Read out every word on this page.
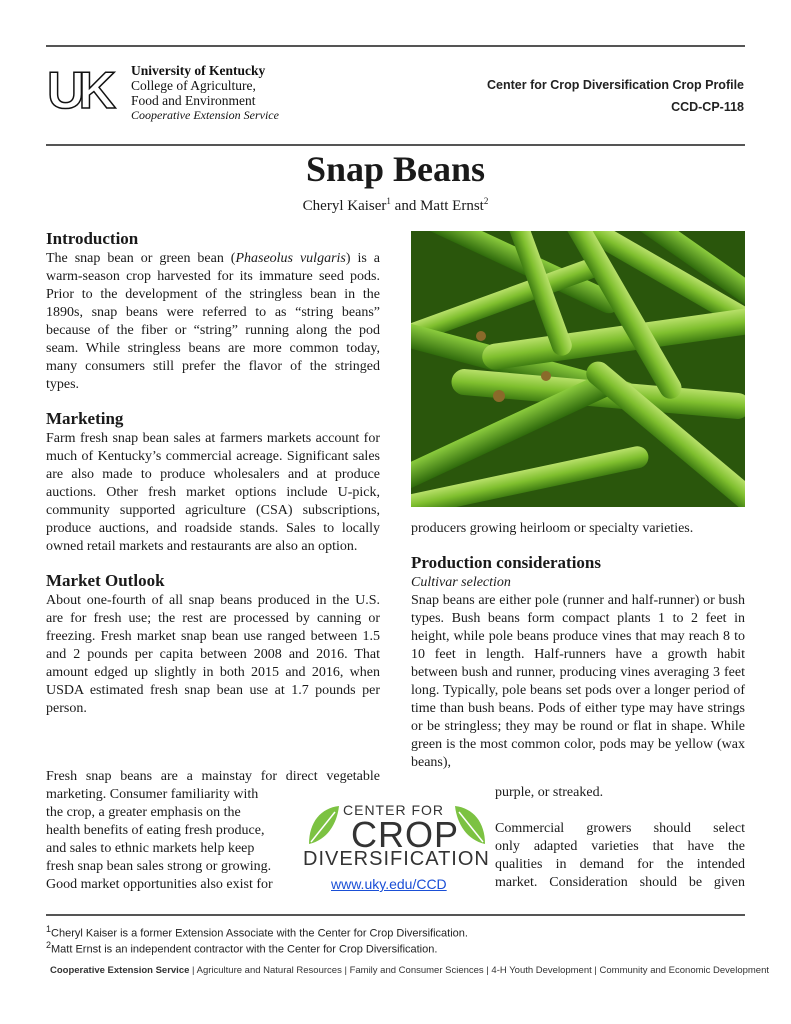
UK University of Kentucky
College of Agriculture,
Food and Environment
Cooperative Extension Service
Center for Crop Diversification Crop Profile
CCD-CP-118
Snap Beans
Cheryl Kaiser$^1$ and Matt Ernst$^2$
Introduction

The snap bean or green bean (Phaseolus vulgaris) is a warm-season crop harvested for its immature seed pods. Prior to the development of the stringless bean in the 1890s, snap beans were referred to as “string beans” because of the fiber or “string” running along the pod seam. While stringless beans are more common today, many consumers still prefer the flavor of the stringed types.

Marketing

Farm fresh snap bean sales at farmers markets account for much of Kentucky’s commercial acreage. Significant sales are also made to produce wholesalers and at produce auctions. Other fresh market options include U-pick, community supported agriculture (CSA) subscriptions, produce auctions, and roadside stands. Sales to locally owned retail markets and restaurants are also an option.

Market Outlook

About one-fourth of all snap beans produced in the U.S. are for fresh use; the rest are processed by canning or freezing. Fresh market snap bean use ranged between 1.5 and 2 pounds per capita between 2008 and 2016. That amount edged up slightly in both 2015 and 2016, when USDA estimated fresh snap bean use at 1.7 pounds per person.

Fresh snap beans are a mainstay for direct vegetable
marketing. Consumer familiarity with
the crop, a greater emphasis on the
health benefits of eating fresh produce,
and sales to ethnic markets help keep
fresh snap bean sales strong or growing.
Good market opportunities also exist for

producers growing heirloom or specialty varieties.

Production considerations
Cultivar selection

Snap beans are either pole (runner and half-runner) or bush types. Bush beans form compact plants 1 to 2 feet in height, while pole beans produce vines that may reach 8 to 10 feet in length. Half-runners have a growth habit between bush and runner, producing vines averaging 3 feet long. Typically, pole beans set pods over a longer period of time than bush beans. Pods of either type may have strings or be stringless; they may be round or flat in shape. While green is the most common color, pods may be yellow (wax beans),

purple, or streaked.
Commercial growers should select
only adapted varieties that have the
qualities in demand for the intended
market. Consideration should be given
CENTER FOR
CROP
DIVERSIFICATION
www.uky.edu/CCD
$^1$Cheryl Kaiser is a former Extension Associate with the Center for Crop Diversification.
$^2$Matt Ernst is an independent contractor with the Center for Crop Diversification.
Cooperative Extension Service | Agriculture and Natural Resources | Family and Consumer Sciences | 4-H Youth Development | Community and Economic Development
